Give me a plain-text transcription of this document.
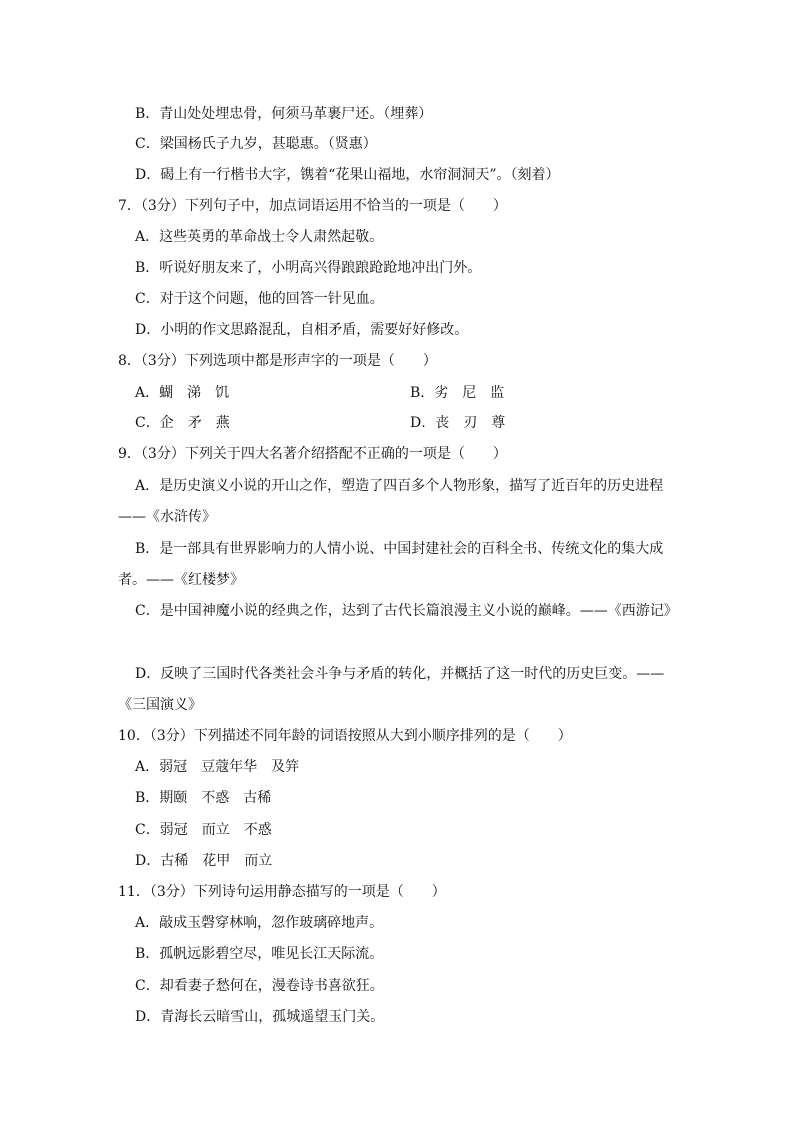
B．青山处处埋忠骨，何须马革裹尸还。（埋葬）
C．梁国杨氏子九岁，甚聪惠。（贤惠）
D．碣上有一行楷书大字，镌着“花果山福地，水帘洞洞天”。（刻着）
7．（3分）下列句子中，加点词语运用不恰当的一项是（　　）
A．这些英勇的革命战士令人肃然起敬。
B．听说好朋友来了，小明高兴得踉踉跄跄地冲出门外。
C．对于这个问题，他的回答一针见血。
D．小明的作文思路混乱，自相矛盾，需要好好修改。
8．（3分）下列选项中都是形声字的一项是（　　）
A．蝴　涕　饥	B．劣　尼　监
C．企　矛　燕	D．丧　刃　尊
9．（3分）下列关于四大名著介绍搭配不正确的一项是（　　）
A．是历史演义小说的开山之作，塑造了四百多个人物形象，描写了近百年的历史进程
——《水浒传》
B．是一部具有世界影响力的人情小说、中国封建社会的百科全书、传统文化的集大成
者。——《红楼梦》
C．是中国神魔小说的经典之作，达到了古代长篇浪漫主义小说的巅峰。——《西游记》
D．反映了三国时代各类社会斗争与矛盾的转化，并概括了这一时代的历史巨变。——
《三国演义》
10．（3分）下列描述不同年龄的词语按照从大到小顺序排列的是（　　）
A．弱冠　豆蔻年华　及笄
B．期颐　不惑　古稀
C．弱冠　而立　不惑
D．古稀　花甲　而立
11．（3分）下列诗句运用静态描写的一项是（　　）
A．敲成玉磬穿林响，忽作玻璃碎地声。
B．孤帆远影碧空尽，唯见长江天际流。
C．却看妻子愁何在，漫卷诗书喜欲狂。
D．青海长云暗雪山，孤城遥望玉门关。
